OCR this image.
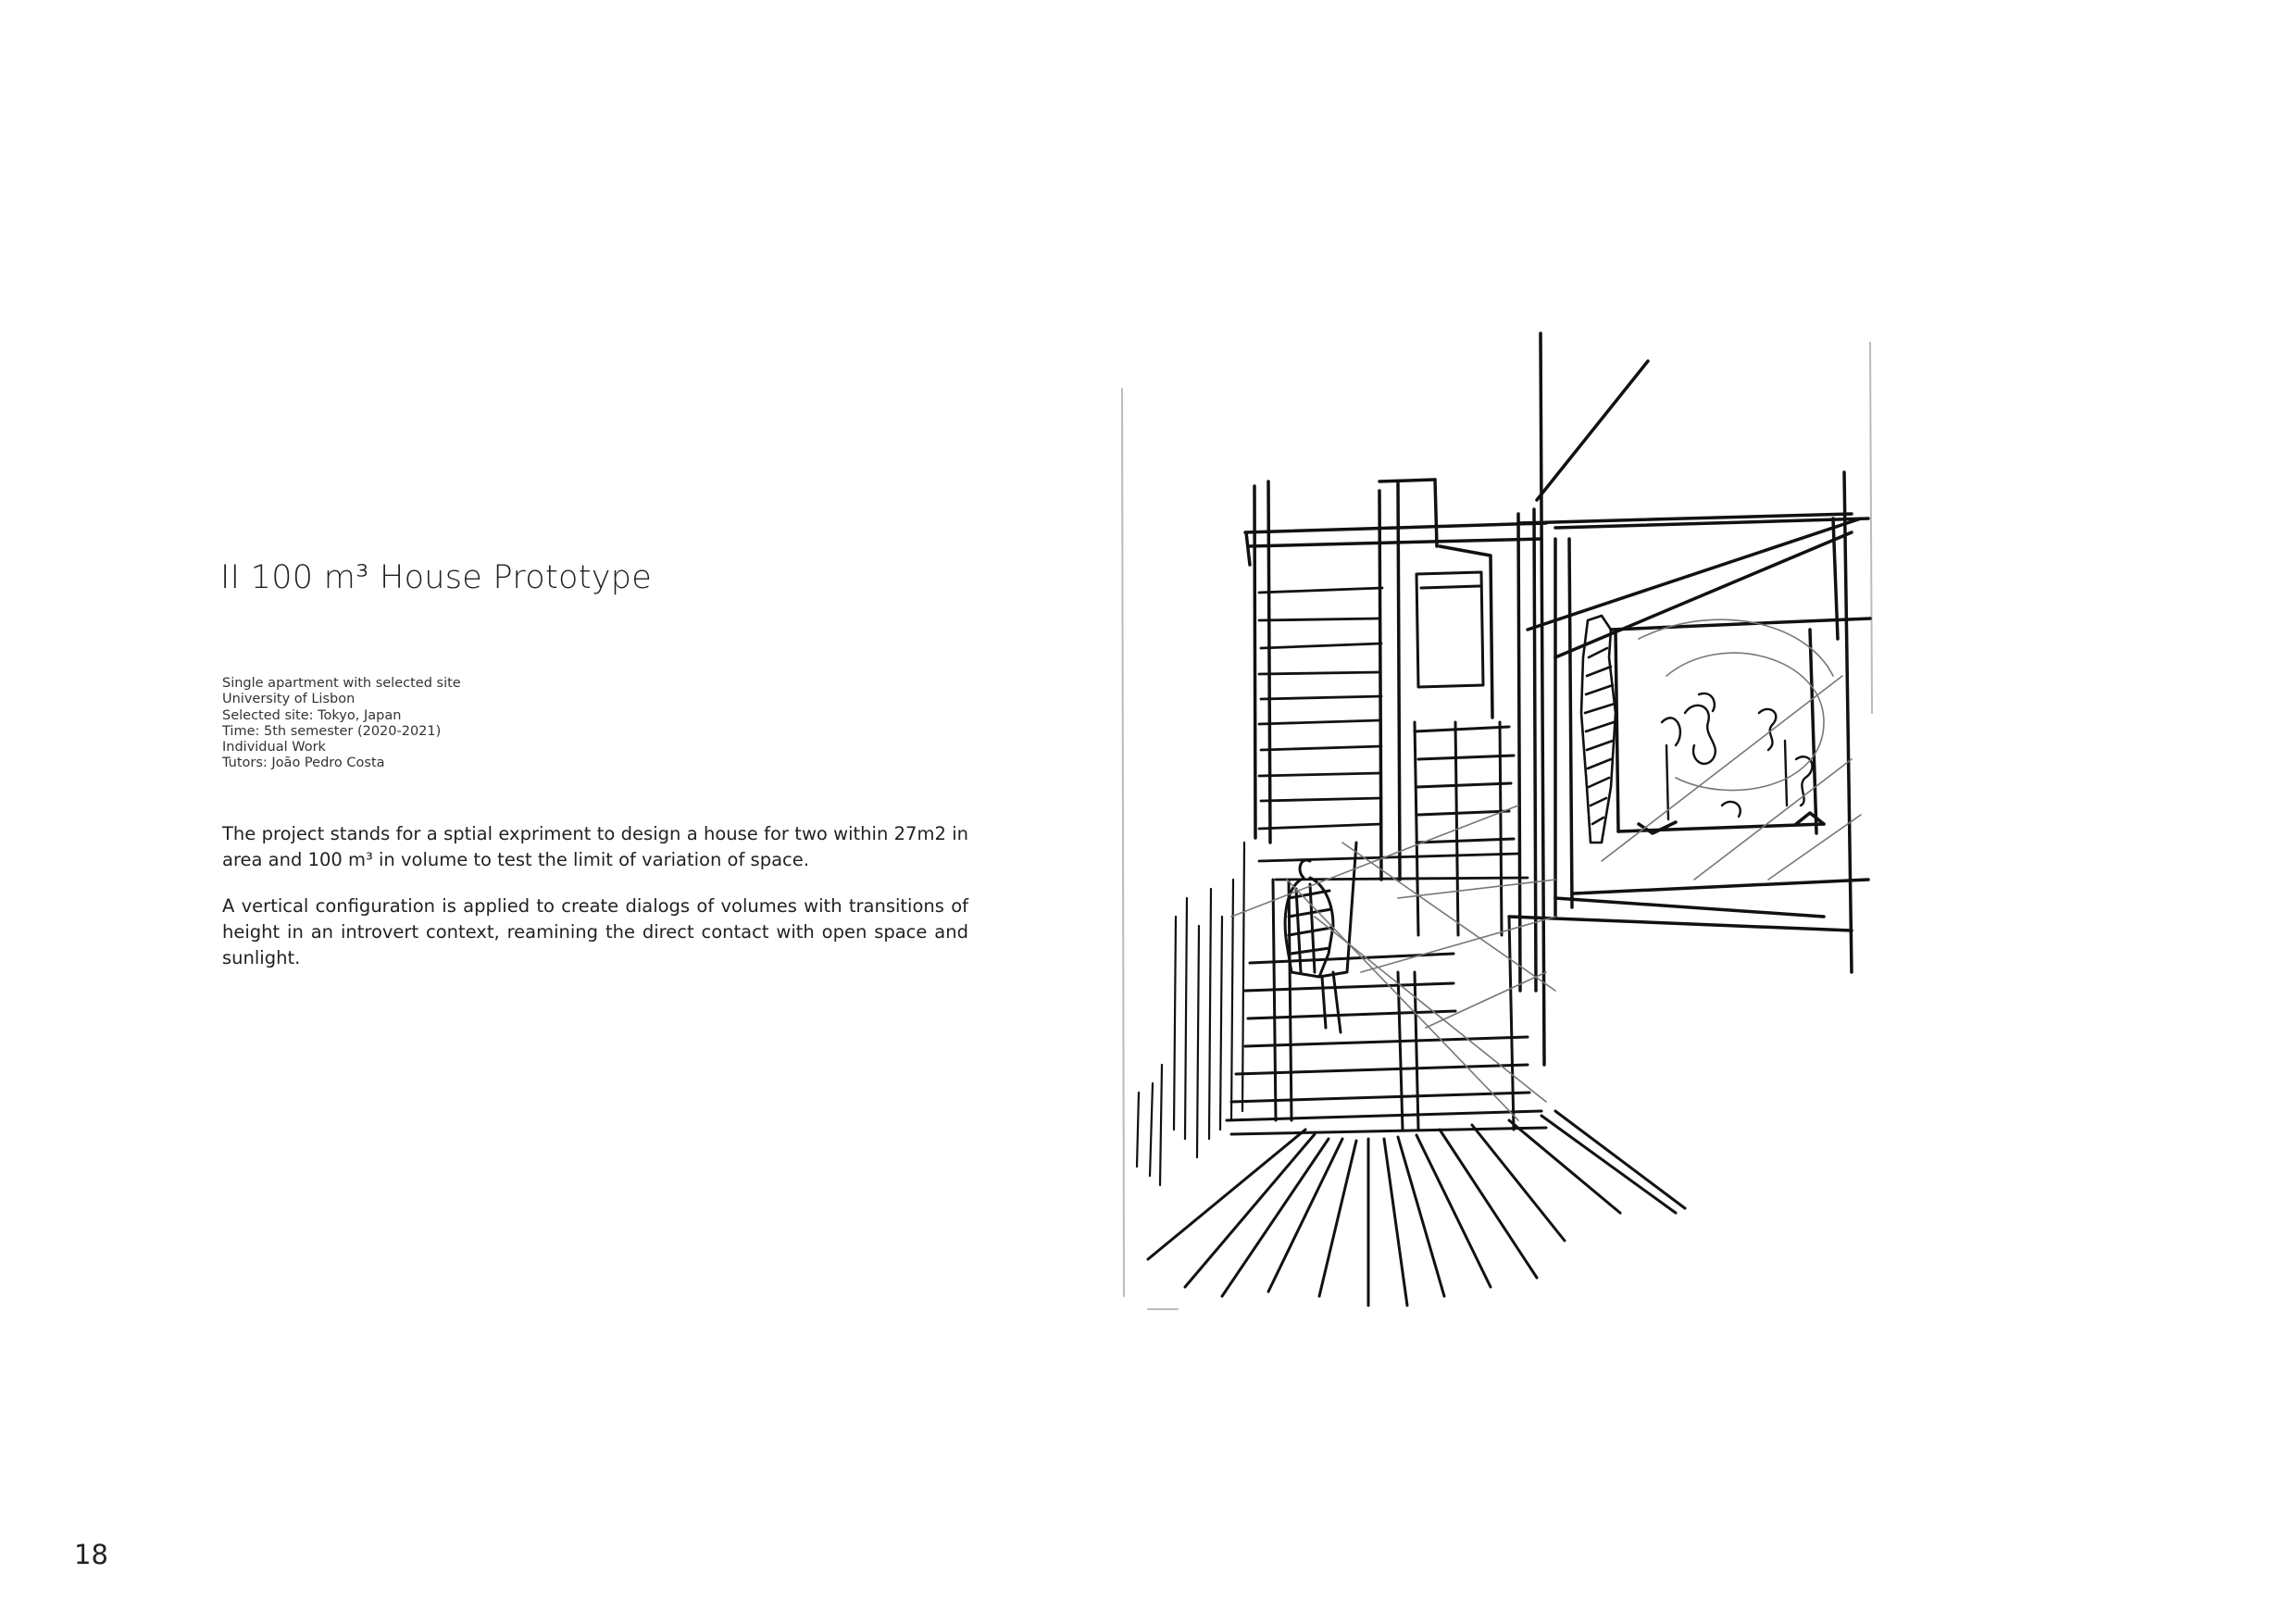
II 100 m³ House Prototype
Single apartment with selected site
University of Lisbon
Selected site: Tokyo, Japan
Time: 5th semester (2020-2021)
Individual Work
Tutors: João Pedro Costa

The project stands for a sptial expriment to design a house for two within 27m2 in area and 100 m³ in volume to test the limit of variation of space.

A vertical configuration is applied to create dialogs of volumes with transitions of height in an introvert context, reamining the direct contact with open space and sunlight.

18
